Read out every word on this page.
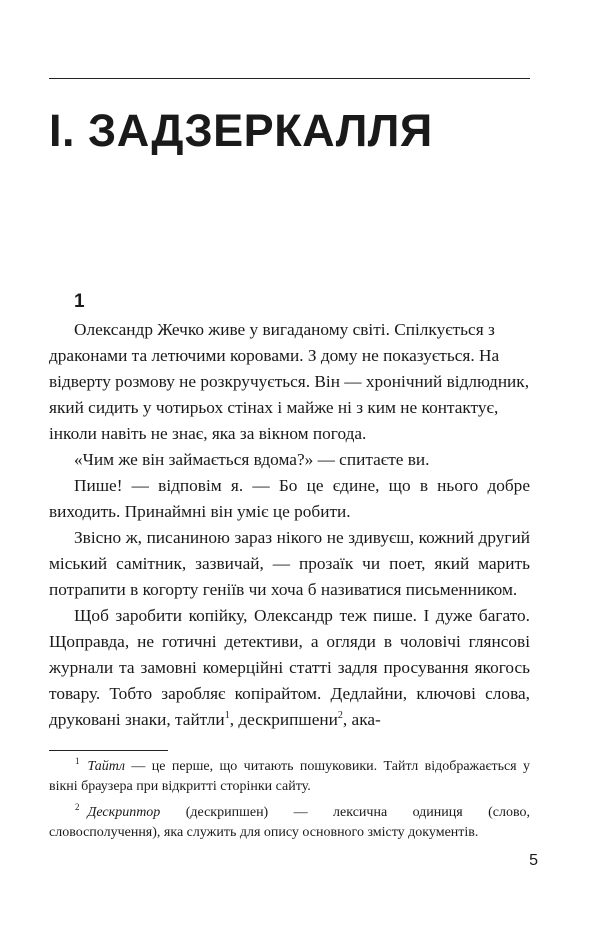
І. ЗАДЗЕРКАЛЛЯ
1

Олександр Жечко живе у вигаданому світі. Спілкується з драконами та летючими коровами. З дому не показується. На відверту розмову не розкручується. Він — хронічний відлюдник, який сидить у чотирьох стінах і майже ні з ким не контактує, інколи навіть не знає, яка за вікном погода.

«Чим же він займається вдома?» — спитаєте ви.

Пише! — відповім я. — Бо це єдине, що в нього добре виходить. Принаймні він уміє це робити.

Звісно ж, писаниною зараз нікого не здивуєш, кожний другий міський самітник, зазвичай, — прозаїк чи поет, який марить потрапити в когорту геніїв чи хоча б називатися письменником.

Щоб заробити копійку, Олександр теж пише. І дуже багато. Щоправда, не готичні детективи, а огляди в чоловічі глянсові журнали та замовні комерційні статті задля просування якогось товару. Тобто заробляє копірайтом. Дедлайни, ключові слова, друковані знаки, тайтли$^1$, дескрипшени$^2$, ака-

$^1$ Тайтл — це перше, що читають пошуковики. Тайтл відображається у вікні браузера при відкритті сторінки сайту.

$^2$ Дескриптор (дескрипшен) — лексична одиниця (слово, словосполучення), яка служить для опису основного змісту документів.

5
